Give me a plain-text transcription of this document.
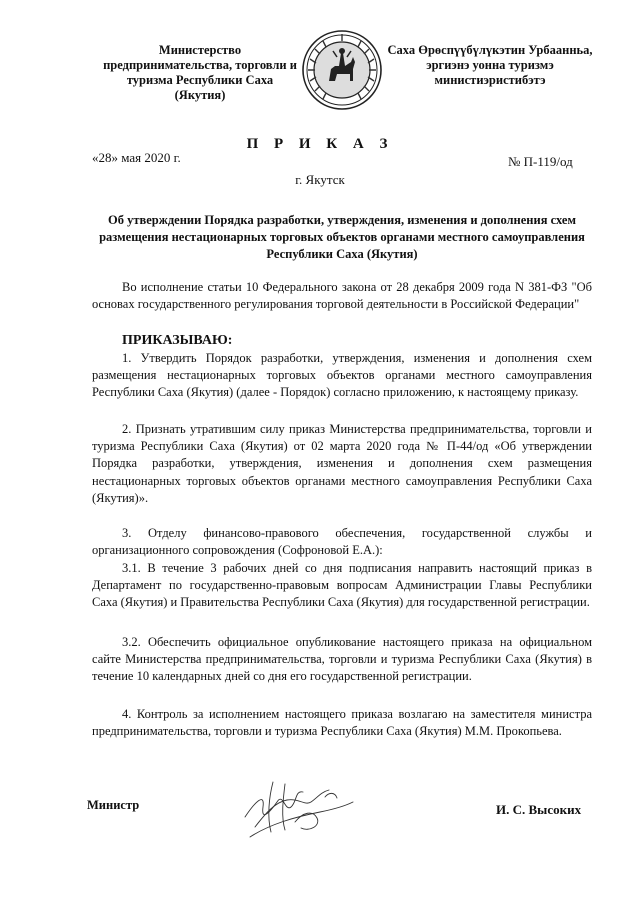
Министерство предпринимательства, торговли и туризма Республики Саха (Якутия)
Саха Өрөспүүбүлүкэтин Урбаанньа, эргиэнэ уонна туризмэ министиэристибэтэ
П Р И К А З
«28» мая 2020 г.
г. Якутск
№ П-119/од
Об утверждении Порядка разработки, утверждения, изменения и дополнения схем размещения нестационарных торговых объектов органами местного самоуправления Республики Саха (Якутия)
Во исполнение статьи 10 Федерального закона от 28 декабря 2009 года N 381-ФЗ "Об основах государственного регулирования торговой деятельности в Российской Федерации"
ПРИКАЗЫВАЮ:
1. Утвердить Порядок разработки, утверждения, изменения и дополнения схем размещения нестационарных торговых объектов органами местного самоуправления Республики Саха (Якутия) (далее - Порядок) согласно приложению, к настоящему приказу.
2. Признать утратившим силу приказ Министерства предпринимательства, торговли и туризма Республики Саха (Якутия) от 02 марта 2020 года № П-44/од «Об утверждении Порядка разработки, утверждения, изменения и дополнения схем размещения нестационарных торговых объектов органами местного самоуправления Республики Саха (Якутия)».
3. Отделу финансово-правового обеспечения, государственной службы и организационного сопровождения (Софроновой Е.А.):
3.1. В течение 3 рабочих дней со дня подписания направить настоящий приказ в Департамент по государственно-правовым вопросам Администрации Главы Республики Саха (Якутия) и Правительства Республики Саха (Якутия) для государственной регистрации.
3.2. Обеспечить официальное опубликование настоящего приказа на официальном сайте Министерства предпринимательства, торговли и туризма Республики Саха (Якутия) в течение 10 календарных дней со дня его государственной регистрации.
4. Контроль за исполнением настоящего приказа возлагаю на заместителя министра предпринимательства, торговли и туризма Республики Саха (Якутия) М.М. Прокопьева.
Министр	И. С. Высоких
